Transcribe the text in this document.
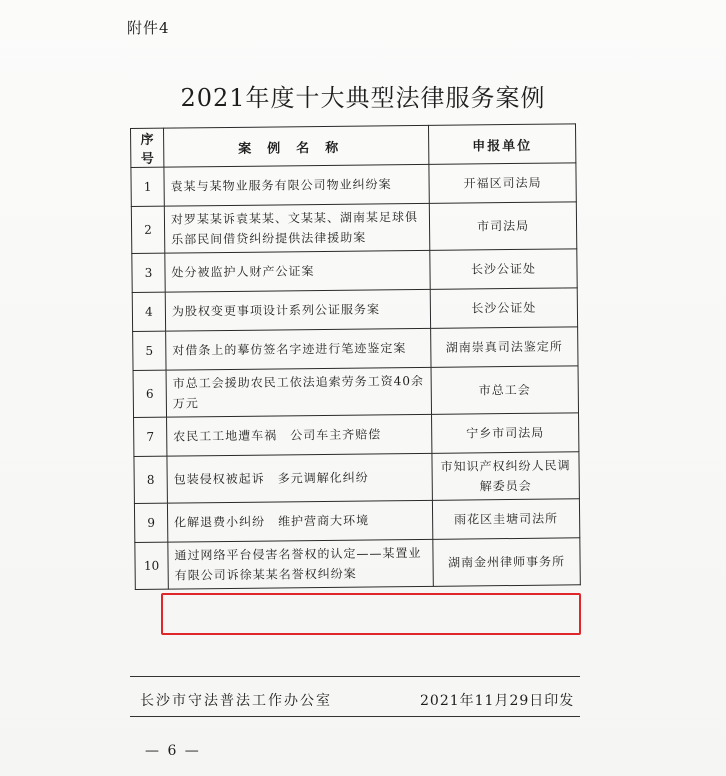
附件4
2021年度十大典型法律服务案例
序号	案例名称	申报单位
1	袁某与某物业服务有限公司物业纠纷案	开福区司法局
2	对罗某某诉袁某某、文某某、湖南某足球俱乐部民间借贷纠纷提供法律援助案	市司法局
3	处分被监护人财产公证案	长沙公证处
4	为股权变更事项设计系列公证服务案	长沙公证处
5	对借条上的摹仿签名字迹进行笔迹鉴定案	湖南崇真司法鉴定所
6	市总工会援助农民工依法追索劳务工资40余万元	市总工会
7	农民工工地遭车祸　公司车主齐赔偿	宁乡市司法局
8	包装侵权被起诉　多元调解化纠纷	市知识产权纠纷人民调解委员会
9	化解退费小纠纷　维护营商大环境	雨花区圭塘司法所
10	通过网络平台侵害名誉权的认定——某置业有限公司诉徐某某名誉权纠纷案	湖南金州律师事务所
长沙市守法普法工作办公室	2021年11月29日印发
— 6 —
